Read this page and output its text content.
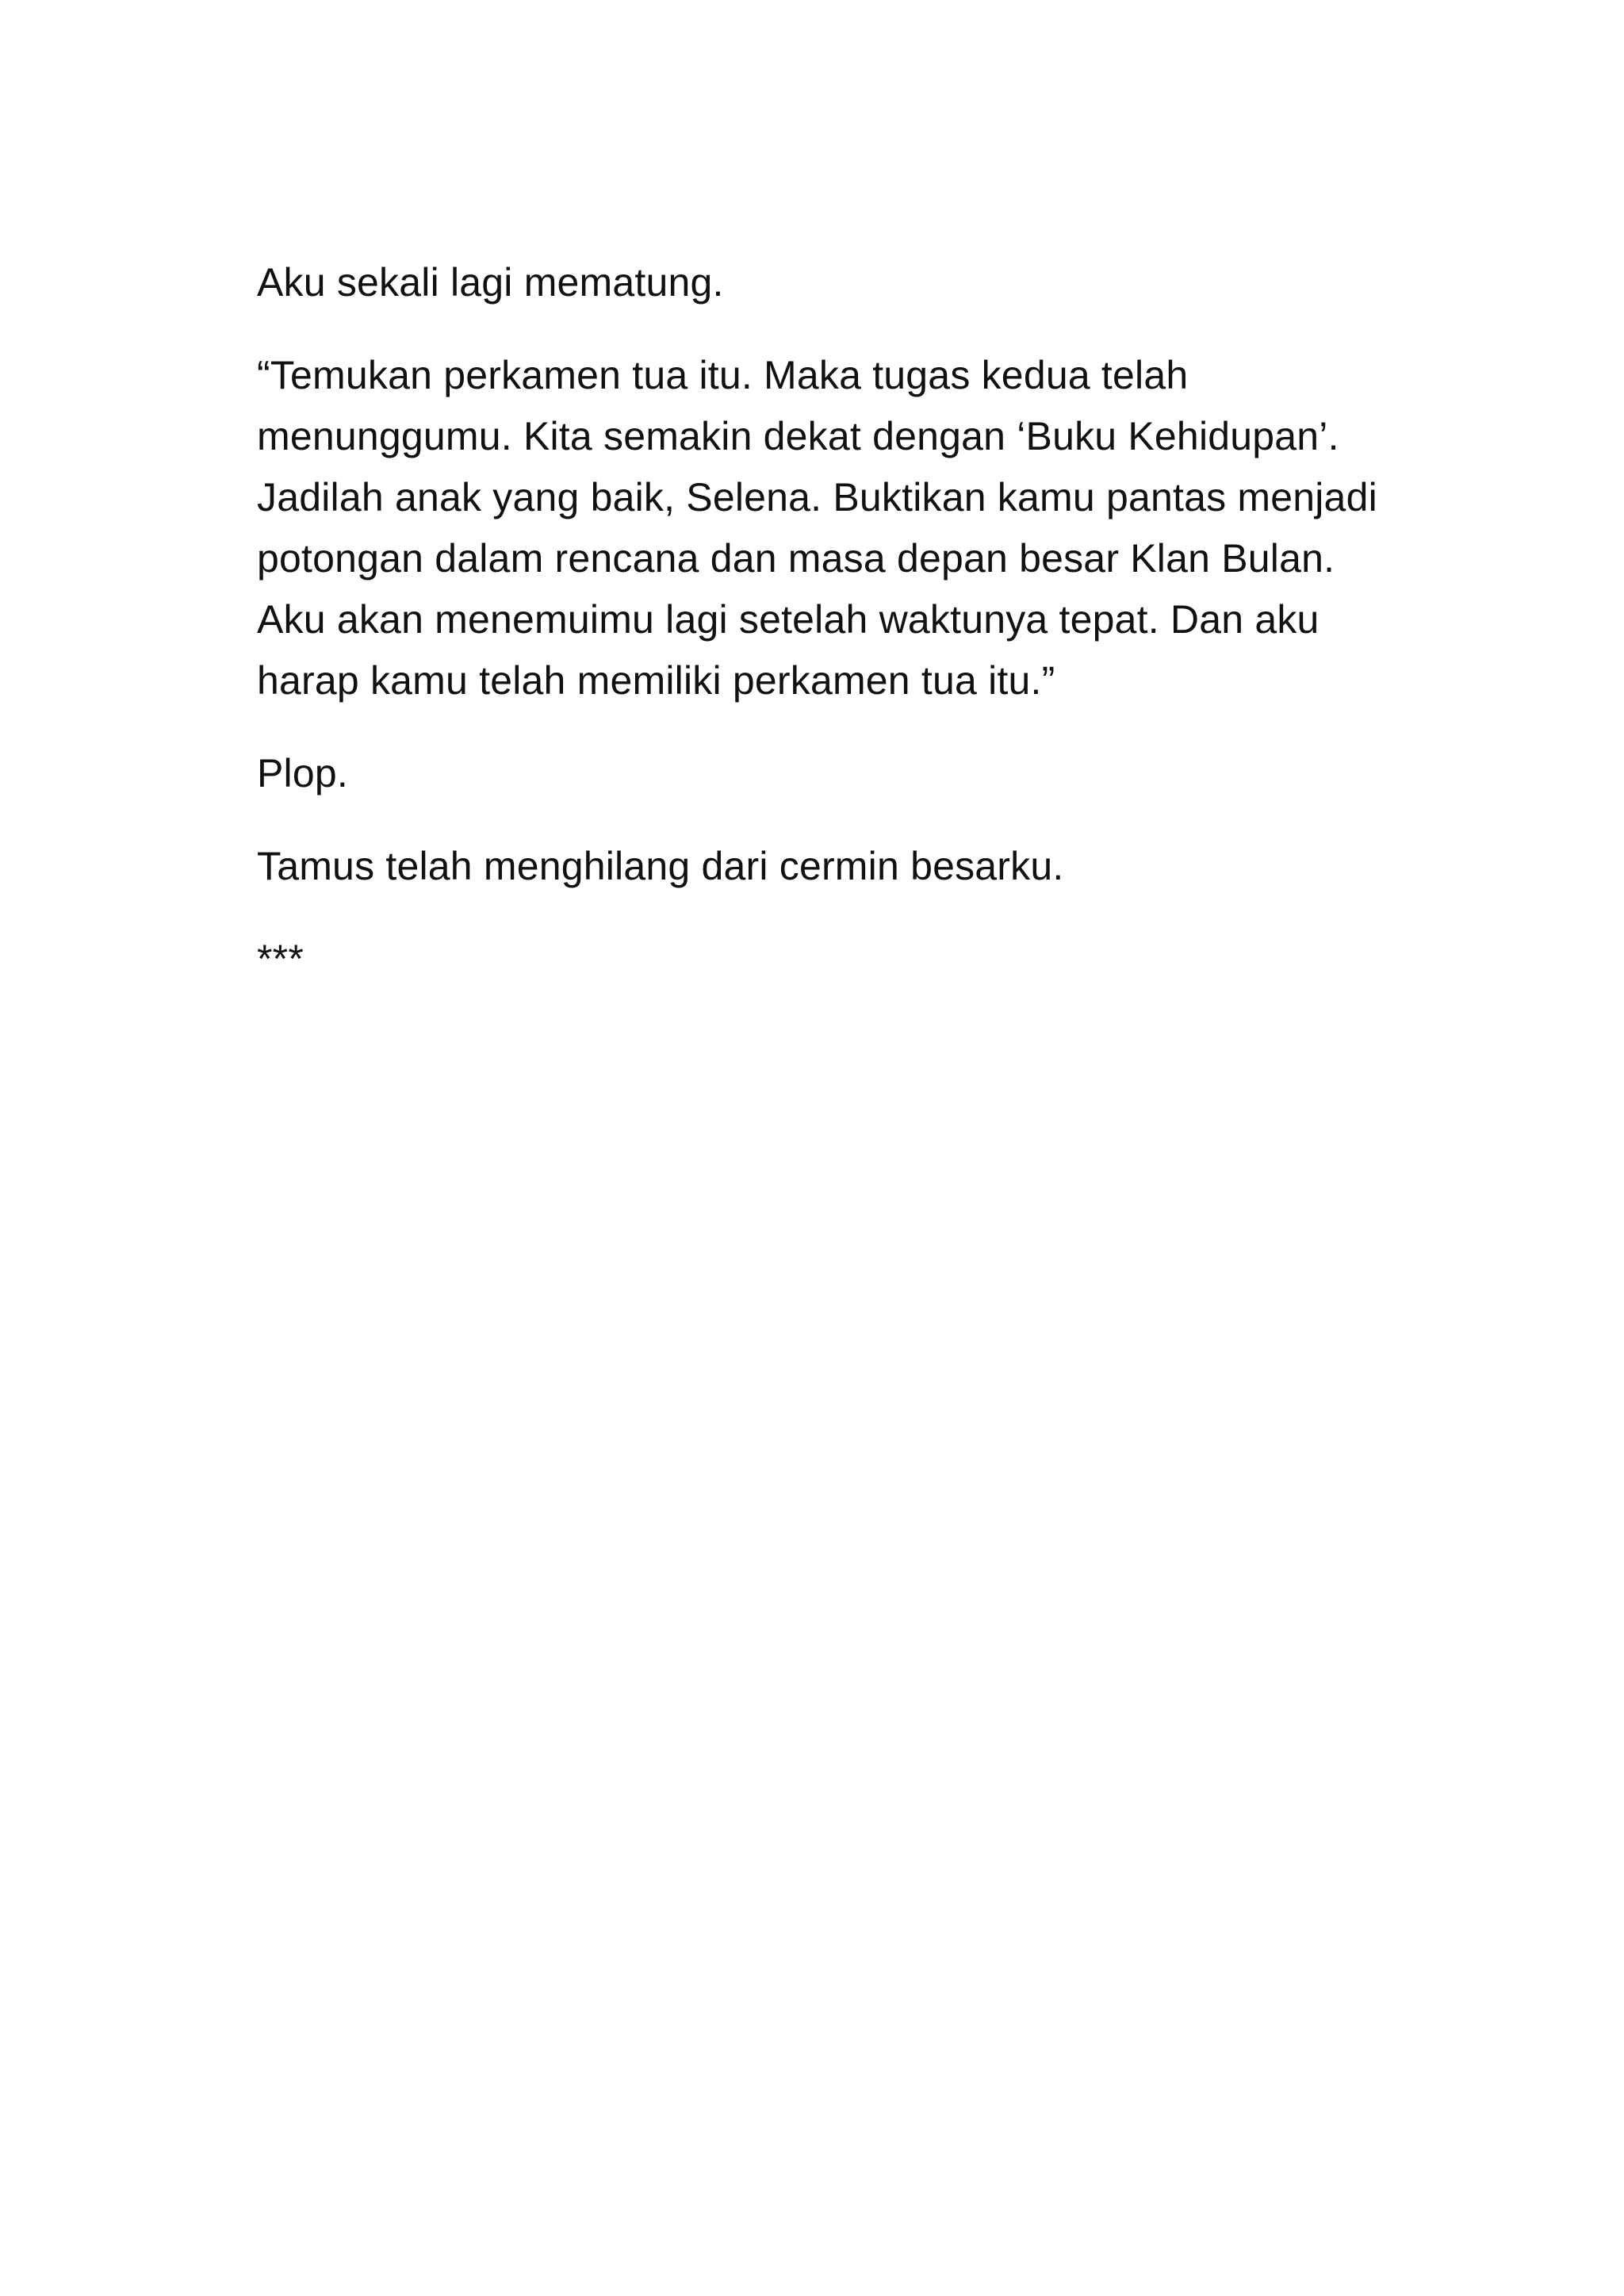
Aku sekali lagi mematung.

“Temukan perkamen tua itu. Maka tugas kedua telah menunggumu. Kita semakin dekat dengan ‘Buku Kehidupan’. Jadilah anak yang baik, Selena. Buktikan kamu pantas menjadi potongan dalam rencana dan masa depan besar Klan Bulan. Aku akan menemuimu lagi setelah waktunya tepat. Dan aku harap kamu telah memiliki perkamen tua itu.”

Plop.

Tamus telah menghilang dari cermin besarku.

***
